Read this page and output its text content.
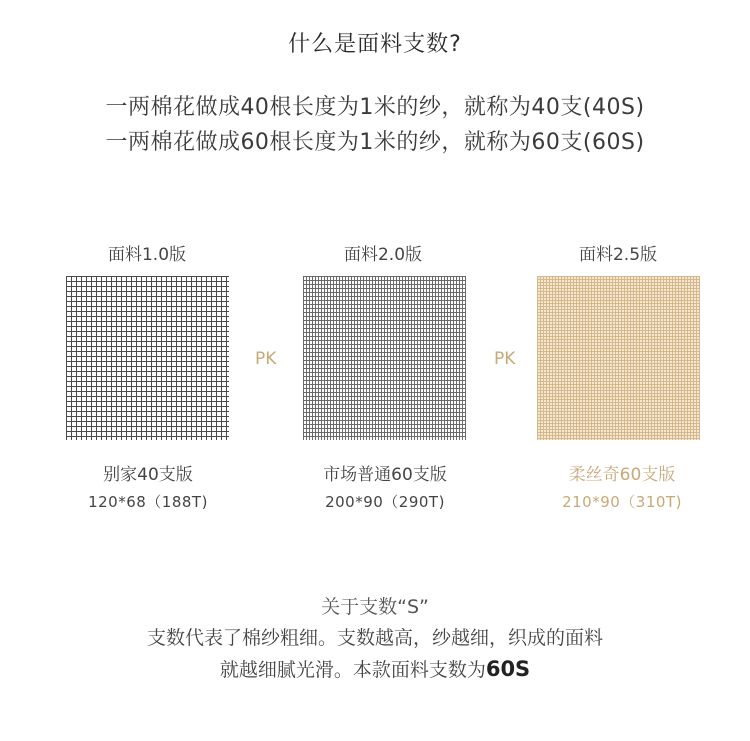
什么是面料支数?
一两棉花做成40根长度为1米的纱，就称为40支(40S)
一两棉花做成60根长度为1米的纱，就称为60支(60S)
面料1.0版
别家40支版
120*68（188T)
PK
面料2.0版
市场普通60支版
200*90（290T)
PK
面料2.5版
柔丝奇60支版
210*90（310T)
关于支数“S”
支数代表了棉纱粗细。支数越高，纱越细，织成的面料
就越细腻光滑。本款面料支数为60S
